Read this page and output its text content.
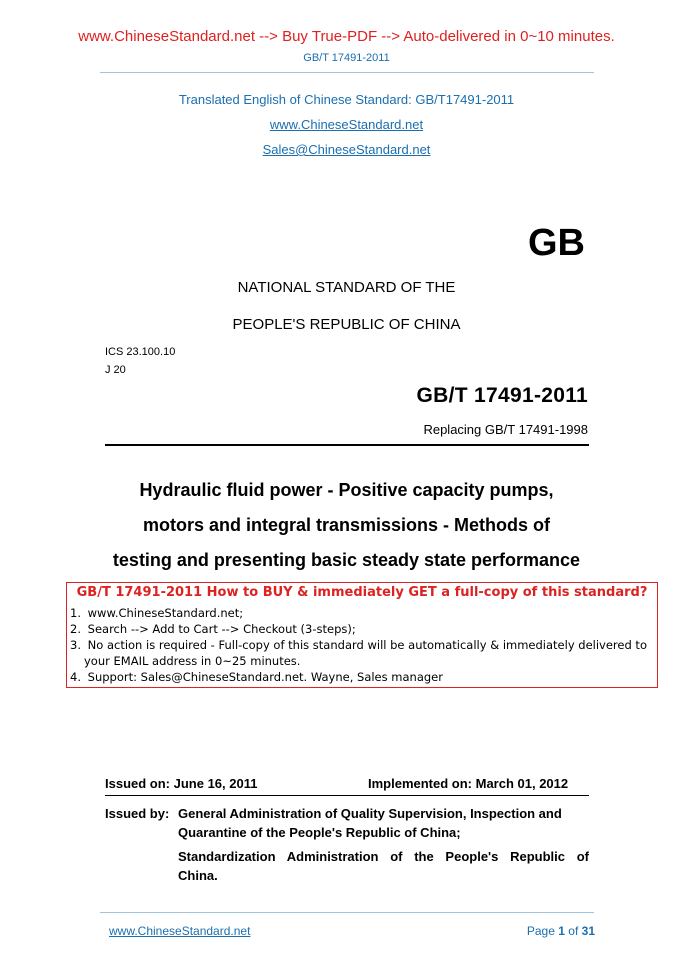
www.ChineseStandard.net --> Buy True-PDF --> Auto-delivered in 0~10 minutes.
GB/T 17491-2011
Translated English of Chinese Standard: GB/T17491-2011
www.ChineseStandard.net
Sales@ChineseStandard.net
GB
NATIONAL STANDARD OF THE
PEOPLE'S REPUBLIC OF CHINA
ICS 23.100.10
J 20
GB/T 17491-2011
Replacing GB/T 17491-1998
Hydraulic fluid power - Positive capacity pumps,
motors and integral transmissions - Methods of
testing and presenting basic steady state performance
GB/T 17491-2011 How to BUY & immediately GET a full-copy of this standard?
1. www.ChineseStandard.net;
2. Search --> Add to Cart --> Checkout (3-steps);
3. No action is required - Full-copy of this standard will be automatically & immediately delivered to
your EMAIL address in 0~25 minutes.
4. Support: Sales@ChineseStandard.net. Wayne, Sales manager
Issued on: June 16, 2011	Implemented on: March 01, 2012
Issued by: General Administration of Quality Supervision, Inspection and
Quarantine of the People's Republic of China;
Standardization Administration of the People's Republic of
China.
www.ChineseStandard.net	Page 1 of 31
